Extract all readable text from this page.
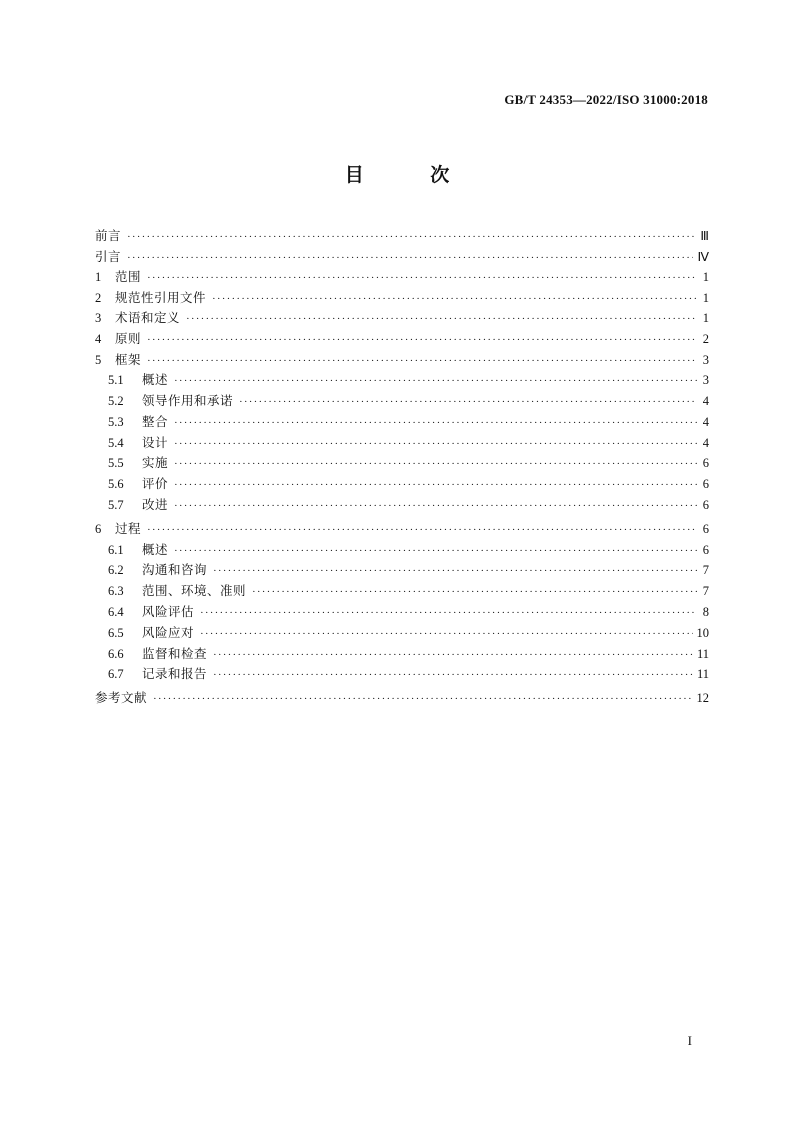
GB/T 24353—2022/ISO 31000:2018
目 次
前言 ·····	Ⅲ
引言 ·····	Ⅳ
1	范围 ·····	1
2	规范性引用文件 ·····	1
3	术语和定义 ·····	1
4	原则 ·····	2
5	框架 ·····	3
5.1	概述 ·····	3
5.2	领导作用和承诺 ·····	4
5.3	整合 ·····	4
5.4	设计 ·····	4
5.5	实施 ·····	6
5.6	评价 ·····	6
5.7	改进 ·····	6
6	过程 ·····	6
6.1	概述 ·····	6
6.2	沟通和咨询 ·····	7
6.3	范围、环境、准则 ·····	7
6.4	风险评估 ·····	8
6.5	风险应对 ·····	10
6.6	监督和检查 ·····	11
6.7	记录和报告 ·····	11
参考文献 ·····	12
I
